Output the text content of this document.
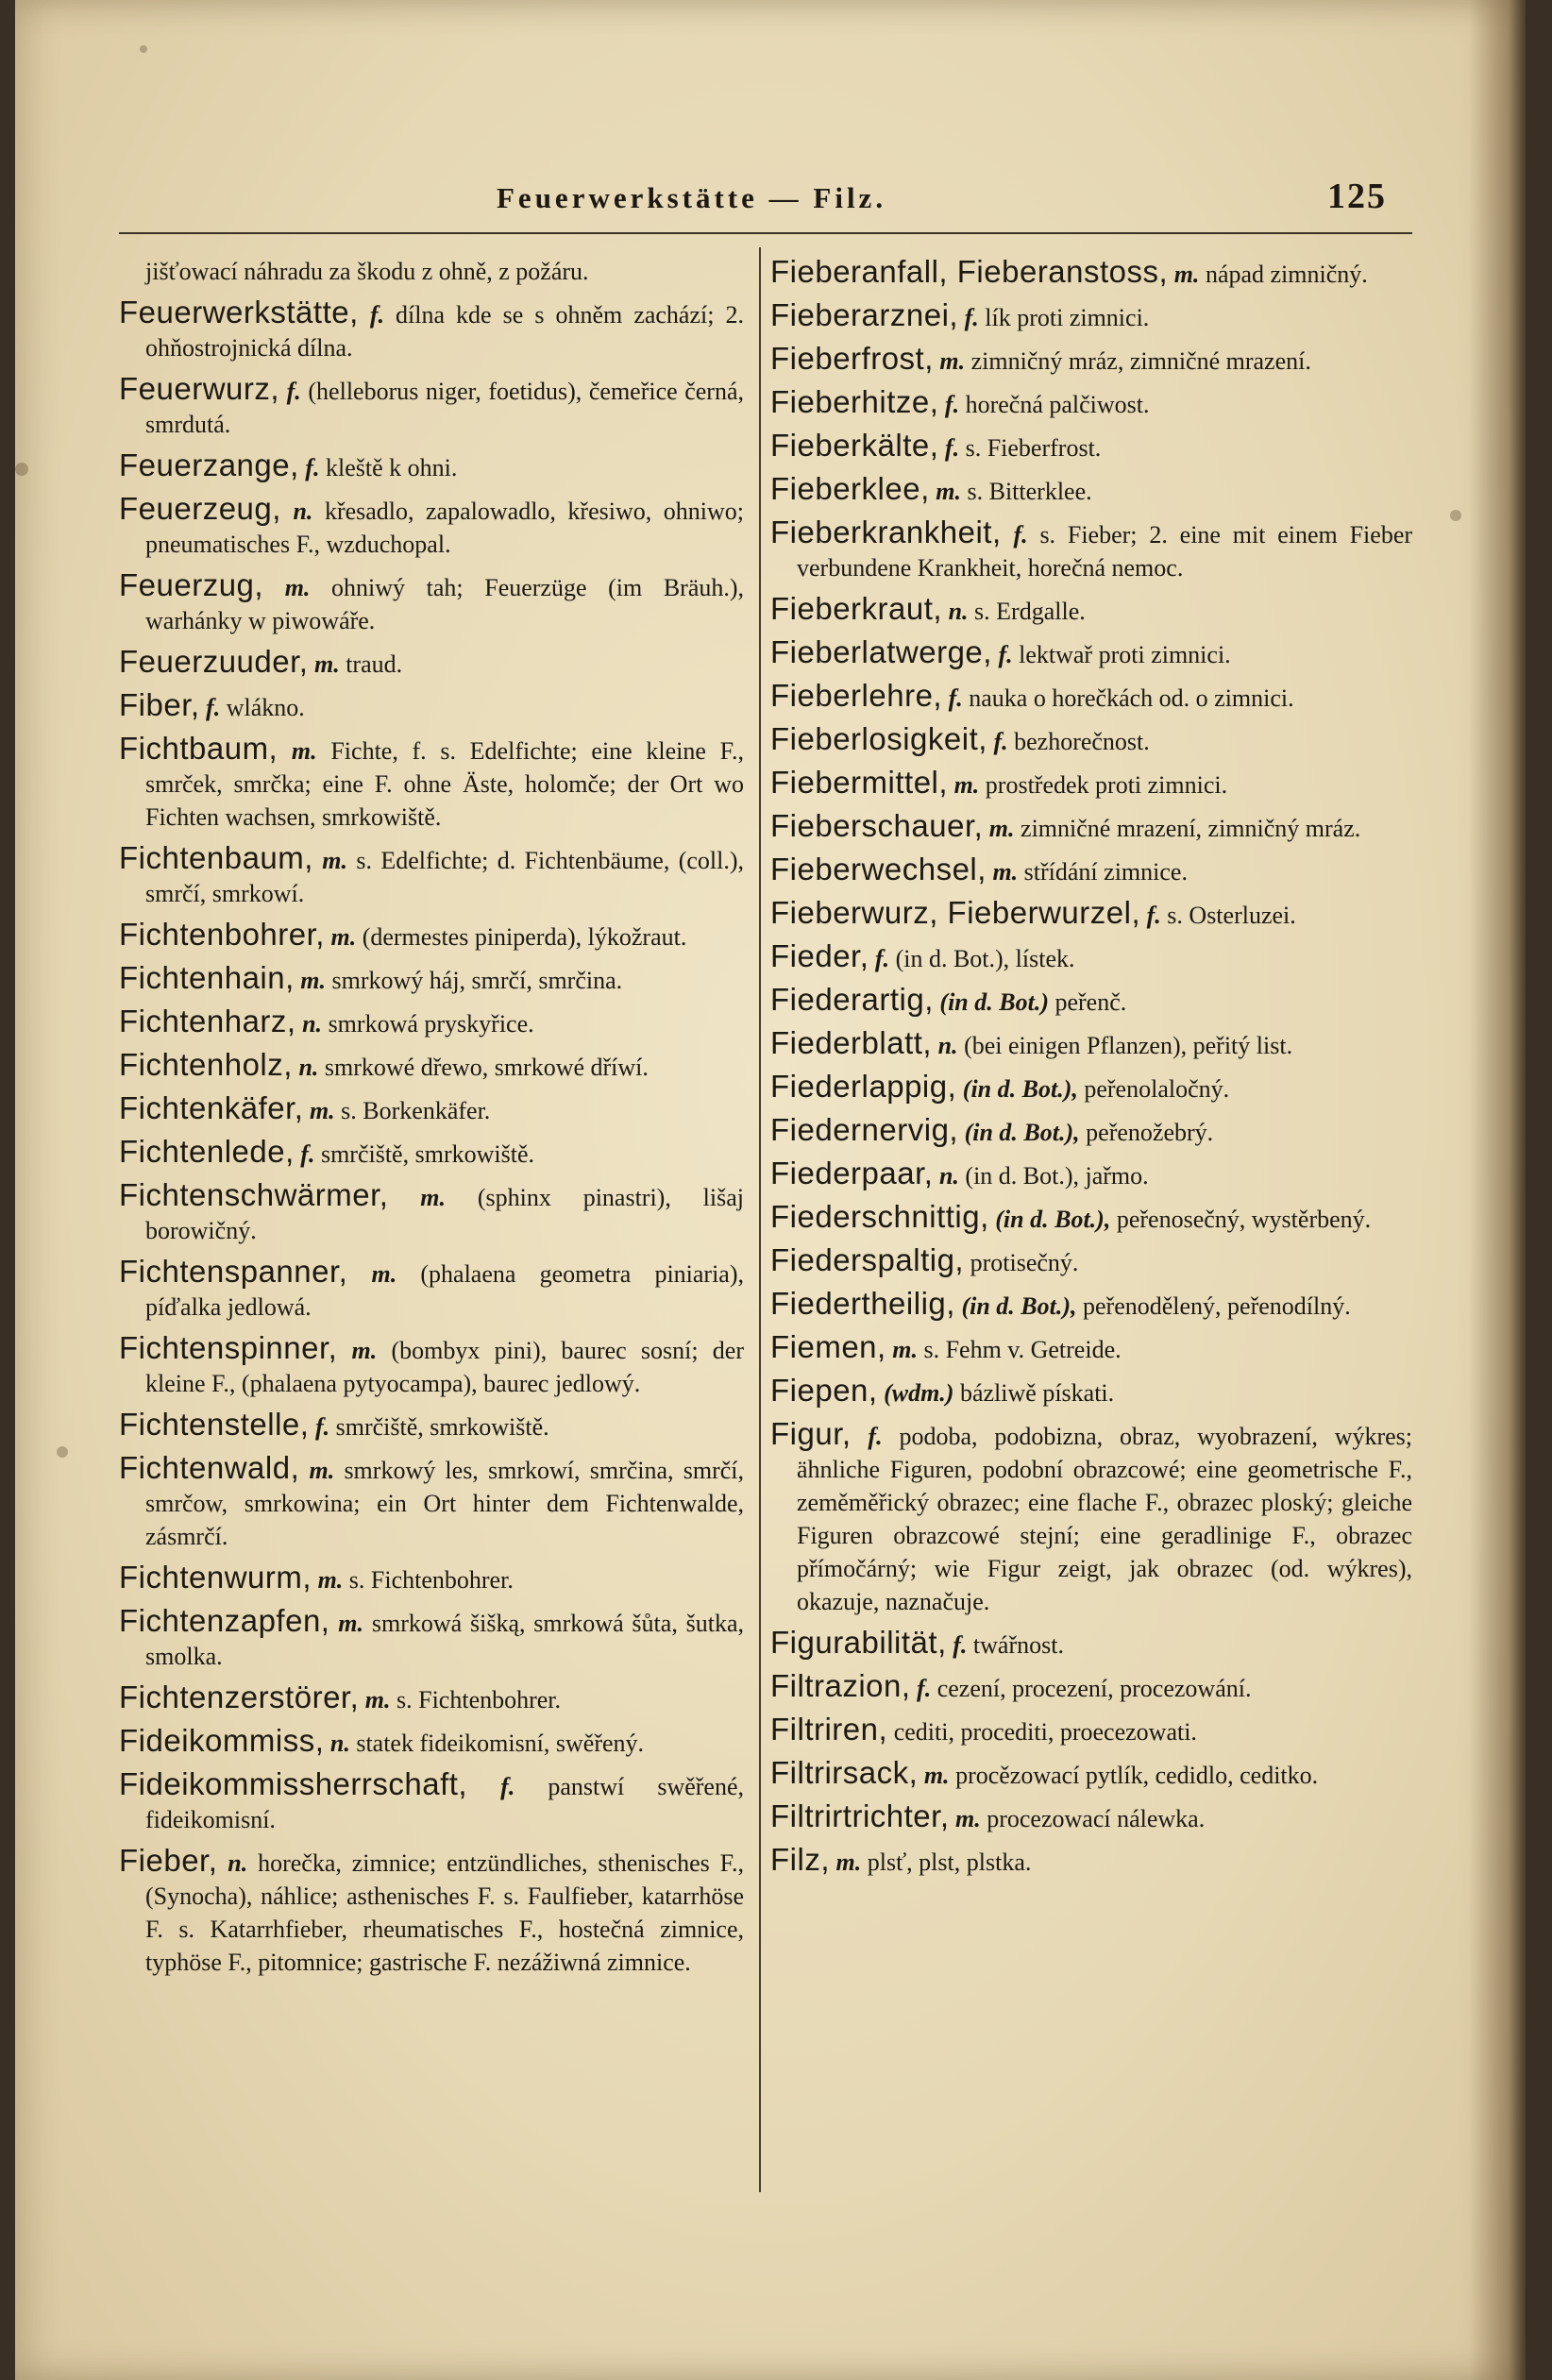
Feuerwerkstätte — Filz.	125

jišťowací náhradu za škodu z ohně, z požáru.

Feuerwerkstätte, f. dílna kde se s ohněm zachází; 2. ohňostrojnická dílna.

Feuerwurz, f. (helleborus niger, foetidus), čemeřice černá, smrdutá.

Feuerzange, f. kleště k ohni.

Feuerzeug, n. křesadlo, zapalowadlo, křesiwo, ohniwo; pneumatisches F., wzduchopal.

Feuerzug, m. ohniwý tah; Feuerzüge (im Bräuh.), warhánky w piwowáře.

Feuerzuuder, m. traud.

Fiber, f. wlákno.

Fichtbaum, m. Fichte, f. s. Edelfichte; eine kleine F., smrček, smrčka; eine F. ohne Äste, holomče; der Ort wo Fichten wachsen, smrkowiště.

Fichtenbaum, m. s. Edelfichte; d. Fichtenbäume, (coll.), smrčí, smrkowí.

Fichtenbohrer, m. (dermestes piniperda), lýkožraut.

Fichtenhain, m. smrkowý háj, smrčí, smrčina.

Fichtenharz, n. smrkowá pryskyřice.

Fichtenholz, n. smrkowé dřewo, smrkowé dříwí.

Fichtenkäfer, m. s. Borkenkäfer.

Fichtenlede, f. smrčiště, smrkowiště.

Fichtenschwärmer, m. (sphinx pinastri), lišaj borowičný.

Fichtenspanner, m. (phalaena geometra piniaria), píďalka jedlowá.

Fichtenspinner, m. (bombyx pini), baurec sosní; der kleine F., (phalaena pytyocampa), baurec jedlowý.

Fichtenstelle, f. smrčiště, smrkowiště.

Fichtenwald, m. smrkowý les, smrkowí, smrčina, smrčí, smrčow, smrkowina; ein Ort hinter dem Fichtenwalde, zásmrčí.

Fichtenwurm, m. s. Fichtenbohrer.

Fichtenzapfen, m. smrkowá šišką, smrkowá šůta, šutka, smolka.

Fichtenzerstörer, m. s. Fichtenbohrer.

Fideikommiss, n. statek fideikomisní, swěřený.

Fideikommissherrschaft, f. panstwí swěřené, fideikomisní.

Fieber, n. horečka, zimnice; entzündliches, sthenisches F., (Synocha), náhlice; asthenisches F. s. Faulfieber, katarrhöse F. s. Katarrhfieber, rheumatisches F., hostečná zimnice, typhöse F., pitomnice; gastrische F. nezážiwná zimnice.

Fieberanfall, Fieberanstoss, m. nápad zimničný.

Fieberarznei, f. lík proti zimnici.

Fieberfrost, m. zimničný mráz, zimničné mrazení.

Fieberhitze, f. horečná palčiwost.

Fieberkälte, f. s. Fieberfrost.

Fieberklee, m. s. Bitterklee.

Fieberkrankheit, f. s. Fieber; 2. eine mit einem Fieber verbundene Krankheit, horečná nemoc.

Fieberkraut, n. s. Erdgalle.

Fieberlatwerge, f. lektwař proti zimnici.

Fieberlehre, f. nauka o horečkách od. o zimnici.

Fieberlosigkeit, f. bezhorečnost.

Fiebermittel, m. prostředek proti zimnici.

Fieberschauer, m. zimničné mrazení, zimničný mráz.

Fieberwechsel, m. střídání zimnice.

Fieberwurz, Fieberwurzel, f. s. Osterluzei.

Fieder, f. (in d. Bot.), lístek.

Fiederartig, (in d. Bot.) peřenč.

Fiederblatt, n. (bei einigen Pflanzen), peřitý list.

Fiederlappig, (in d. Bot.), peřenolaločný.

Fiedernervig, (in d. Bot.), peřenožebrý.

Fiederpaar, n. (in d. Bot.), jařmo.

Fiederschnittig, (in d. Bot.), peřenosečný, wystěrbený.

Fiederspaltig, protisečný.

Fiedertheilig, (in d. Bot.), peřenodělený, peřenodílný.

Fiemen, m. s. Fehm v. Getreide.

Fiepen, (wdm.) bázliwě pískati.

Figur, f. podoba, podobizna, obraz, wyobrazení, wýkres; ähnliche Figuren, podobní obrazcowé; eine geometrische F., zeměměřický obrazec; eine flache F., obrazec ploský; gleiche Figuren obrazcowé stejní; eine geradlinige F., obrazec přímočárný; wie Figur zeigt, jak obrazec (od. wýkres), okazuje, naznačuje.

Figurabilität, f. twářnost.

Filtrazion, f. cezení, procezení, procezowání.

Filtriren, cediti, procediti, proecezowati.

Filtrirsack, m. procězowací pytlík, cedidlo, ceditko.

Filtrirtrichter, m. procezowací nálewka.

Filz, m. plsť, plst, plstka.
